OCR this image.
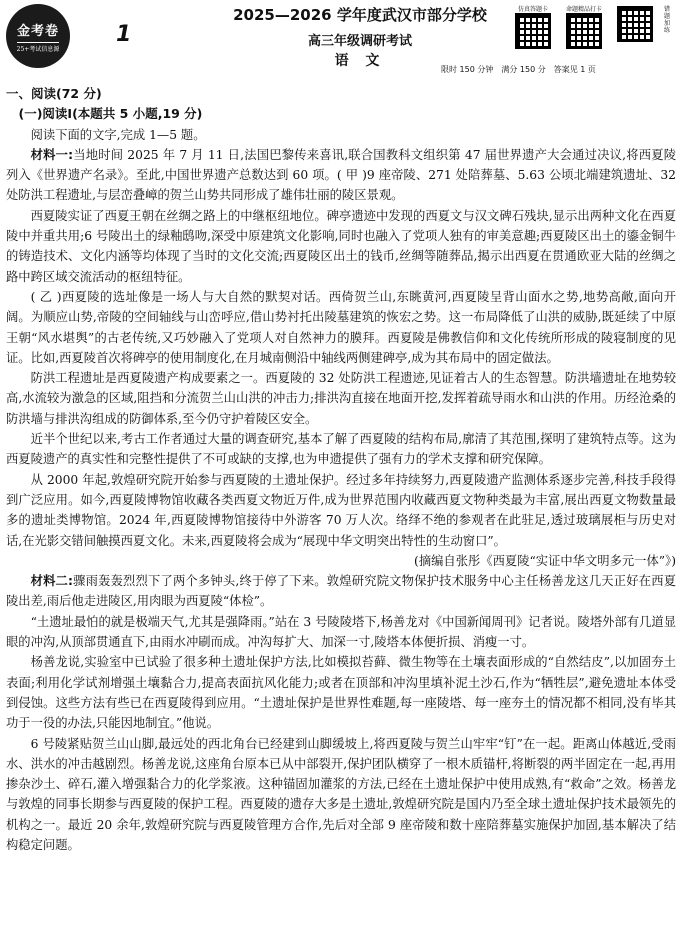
金考卷
25+考试信息源
1
2025—2026 学年度武汉市部分学校
高三年级调研考试
语 文
仿真答题卡	命题精品打卡	错题加练
限时 150 分钟 满分 150 分 答案见 1 页

一、阅读(72 分)

(一)阅读Ⅰ(本题共 5 小题,19 分)

阅读下面的文字,完成 1—5 题。

材料一:当地时间 2025 年 7 月 11 日,法国巴黎传来喜讯,联合国教科文组织第 47 届世界遗产大会通过决议,将西夏陵列入《世界遗产名录》。至此,中国世界遗产总数达到 60 项。( 甲 )9 座帝陵、271 处陪葬墓、5.63 公顷北端建筑遗址、32 处防洪工程遗址,与层峦叠嶂的贺兰山势共同形成了雄伟壮丽的陵区景观。

西夏陵实证了西夏王朝在丝绸之路上的中继枢纽地位。碑亭遗迹中发现的西夏文与汉文碑石残块,显示出两种文化在西夏陵中并重共用;6 号陵出土的绿釉鸱吻,深受中原建筑文化影响,同时也融入了党项人独有的审美意趣;西夏陵区出土的鎏金铜牛的铸造技术、文化内涵等均体现了当时的文化交流;西夏陵区出土的钱币,丝绸等随葬品,揭示出西夏在贯通欧亚大陆的丝绸之路中跨区域交流活动的枢纽特征。

( 乙 )西夏陵的选址像是一场人与大自然的默契对话。西倚贺兰山,东眺黄河,西夏陵呈背山面水之势,地势高敞,面向开阔。为顺应山势,帝陵的空间轴线与山峦呼应,借山势衬托出陵墓建筑的恢宏之势。这一布局降低了山洪的威胁,既延续了中原王朝“风水堪舆”的古老传统,又巧妙融入了党项人对自然神力的膜拜。西夏陵是佛教信仰和文化传统所形成的陵寝制度的见证。比如,西夏陵首次将碑亭的使用制度化,在月城南侧沿中轴线两侧建碑亭,成为其布局中的固定做法。

防洪工程遗址是西夏陵遗产构成要素之一。西夏陵的 32 处防洪工程遗迹,见证着古人的生态智慧。防洪墙遗址在地势较高,水流较为激急的区域,阻挡和分流贺兰山山洪的冲击力;排洪沟直接在地面开挖,发挥着疏导雨水和山洪的作用。历经沧桑的防洪墙与排洪沟组成的防御体系,至今仍守护着陵区安全。

近半个世纪以来,考古工作者通过大量的调查研究,基本了解了西夏陵的结构布局,廓清了其范围,探明了建筑特点等。这为西夏陵遗产的真实性和完整性提供了不可或缺的支撑,也为申遗提供了强有力的学术支撑和研究保障。

从 2000 年起,敦煌研究院开始参与西夏陵的土遗址保护。经过多年持续努力,西夏陵遗产监测体系逐步完善,科技手段得到广泛应用。如今,西夏陵博物馆收藏各类西夏文物近万件,成为世界范围内收藏西夏文物种类最为丰富,展出西夏文物数量最多的遗址类博物馆。2024 年,西夏陵博物馆接待中外游客 70 万人次。络绎不绝的参观者在此驻足,透过玻璃展柜与历史对话,在光影交错间触摸西夏文化。未来,西夏陵将会成为“展现中华文明突出特性的生动窗口”。

(摘编自张彤《西夏陵“实证中华文明多元一体”》)

材料二:骤雨轰轰烈烈下了两个多钟头,终于停了下来。敦煌研究院文物保护技术服务中心主任杨善龙这几天正好在西夏陵出差,雨后他走进陵区,用肉眼为西夏陵“体检”。

“土遗址最怕的就是极端天气,尤其是强降雨。”站在 3 号陵陵塔下,杨善龙对《中国新闻周刊》记者说。陵塔外部有几道显眼的冲沟,从顶部贯通直下,由雨水冲刷而成。冲沟每扩大、加深一寸,陵塔本体便折损、消瘦一寸。

杨善龙说,实验室中已试验了很多种土遗址保护方法,比如模拟苔藓、微生物等在土壤表面形成的“自然结皮”,以加固夯土表面;利用化学试剂增强土壤黏合力,提高表面抗风化能力;或者在顶部和冲沟里填补泥土沙石,作为“牺牲层”,避免遗址本体受到侵蚀。这些方法有些已在西夏陵得到应用。“土遗址保护是世界性难题,每一座陵塔、每一座夯土的情况都不相同,没有毕其功于一役的办法,只能因地制宜。”他说。

6 号陵紧贴贺兰山山脚,最远处的西北角台已经建到山脚缓坡上,将西夏陵与贺兰山牢牢“钉”在一起。距离山体越近,受雨水、洪水的冲击越剧烈。杨善龙说,这座角台原本已从中部裂开,保护团队横穿了一根木质锚杆,将断裂的两半固定在一起,再用掺杂沙土、碎石,灌入增强黏合力的化学浆液。这种锚固加灌浆的方法,已经在土遗址保护中使用成熟,有“救命”之效。杨善龙与敦煌的同事长期参与西夏陵的保护工程。西夏陵的遗存大多是土遗址,敦煌研究院是国内乃至全球土遗址保护技术最领先的机构之一。最近 20 余年,敦煌研究院与西夏陵管理方合作,先后对全部 9 座帝陵和数十座陪葬墓实施保护加固,基本解决了结构稳定问题。
